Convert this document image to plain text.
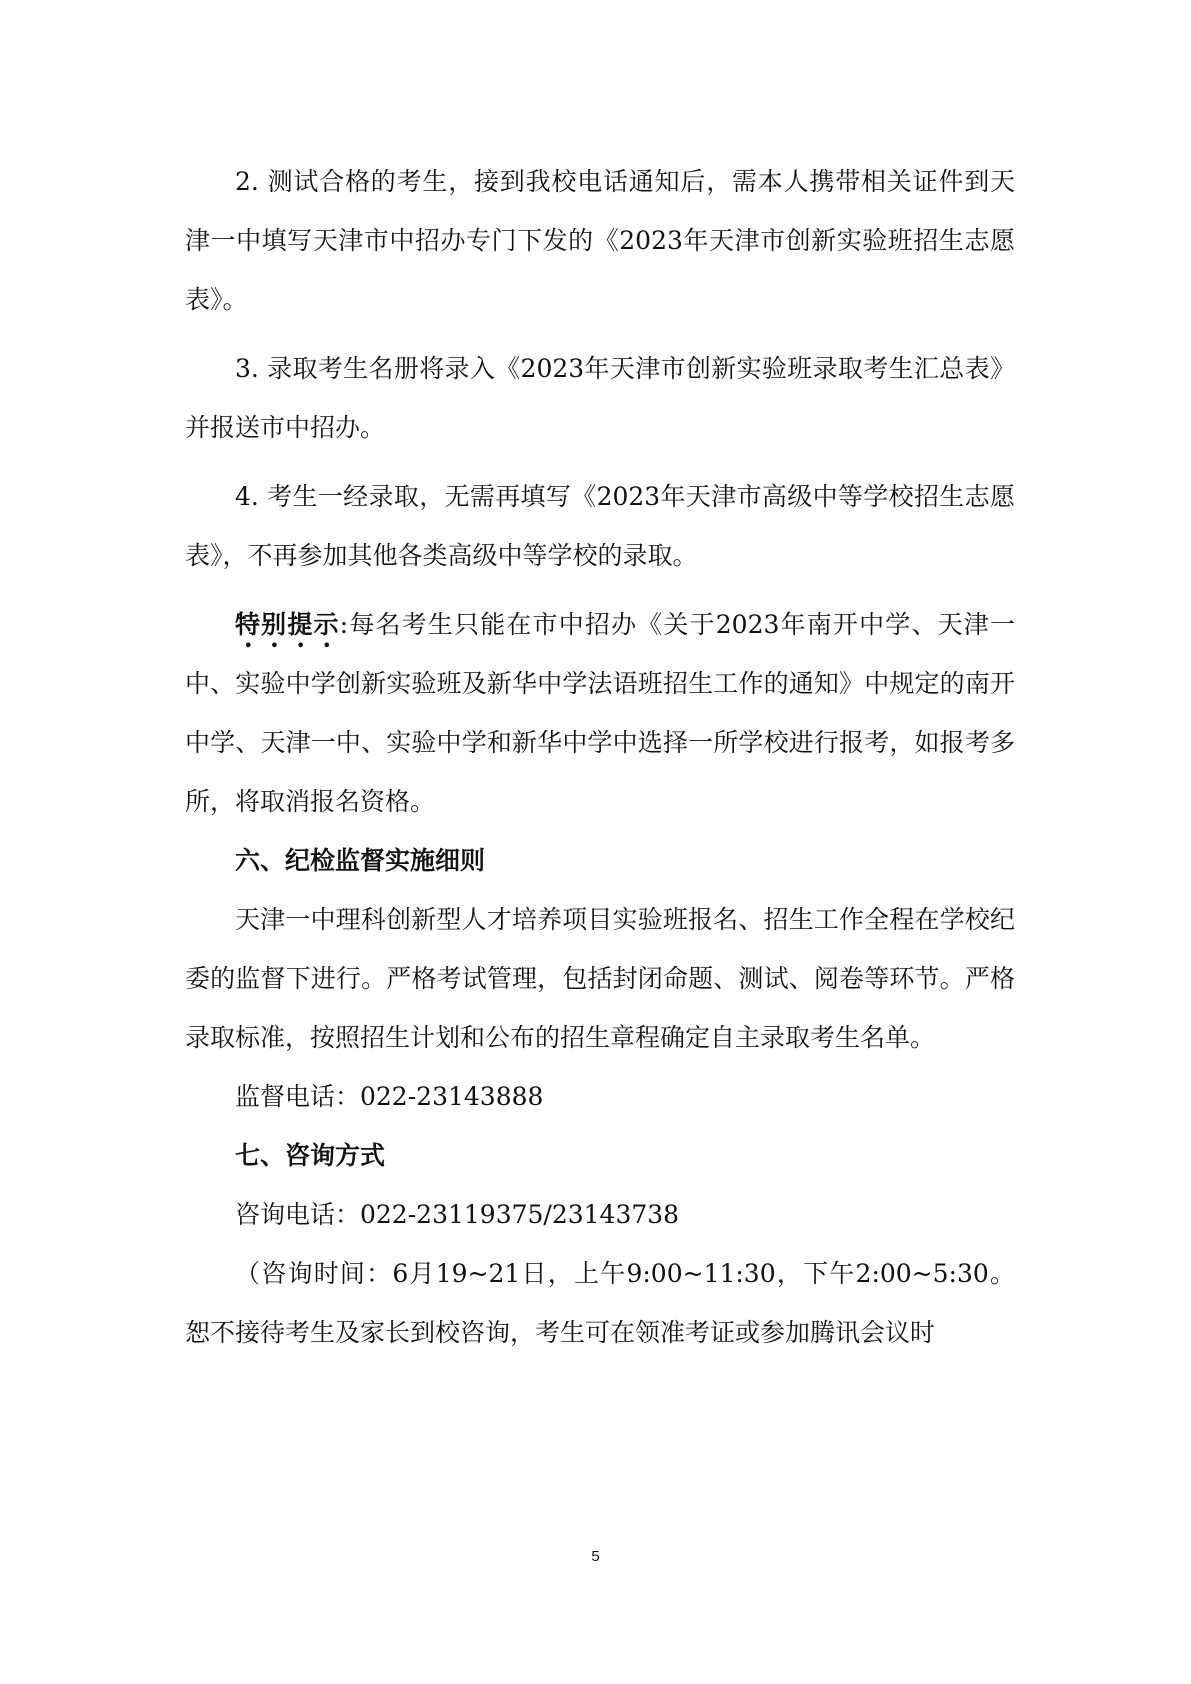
2. 测试合格的考生，接到我校电话通知后，需本人携带相关证件到天津一中填写天津市中招办专门下发的《2023年天津市创新实验班招生志愿表》。

3. 录取考生名册将录入《2023年天津市创新实验班录取考生汇总表》并报送市中招办。

4. 考生一经录取，无需再填写《2023年天津市高级中等学校招生志愿表》，不再参加其他各类高级中等学校的录取。

特别提示:每名考生只能在市中招办《关于2023年南开中学、天津一中、实验中学创新实验班及新华中学法语班招生工作的通知》中规定的南开中学、天津一中、实验中学和新华中学中选择一所学校进行报考，如报考多所，将取消报名资格。

六、纪检监督实施细则

天津一中理科创新型人才培养项目实验班报名、招生工作全程在学校纪委的监督下进行。严格考试管理，包括封闭命题、测试、阅卷等环节。严格录取标准，按照招生计划和公布的招生章程确定自主录取考生名单。

监督电话：022-23143888

七、咨询方式

咨询电话：022-23119375/23143738

（咨询时间：6月19~21日，上午9:00~11:30，下午2:00~5:30。恕不接待考生及家长到校咨询，考生可在领准考证或参加腾讯会议时

5
